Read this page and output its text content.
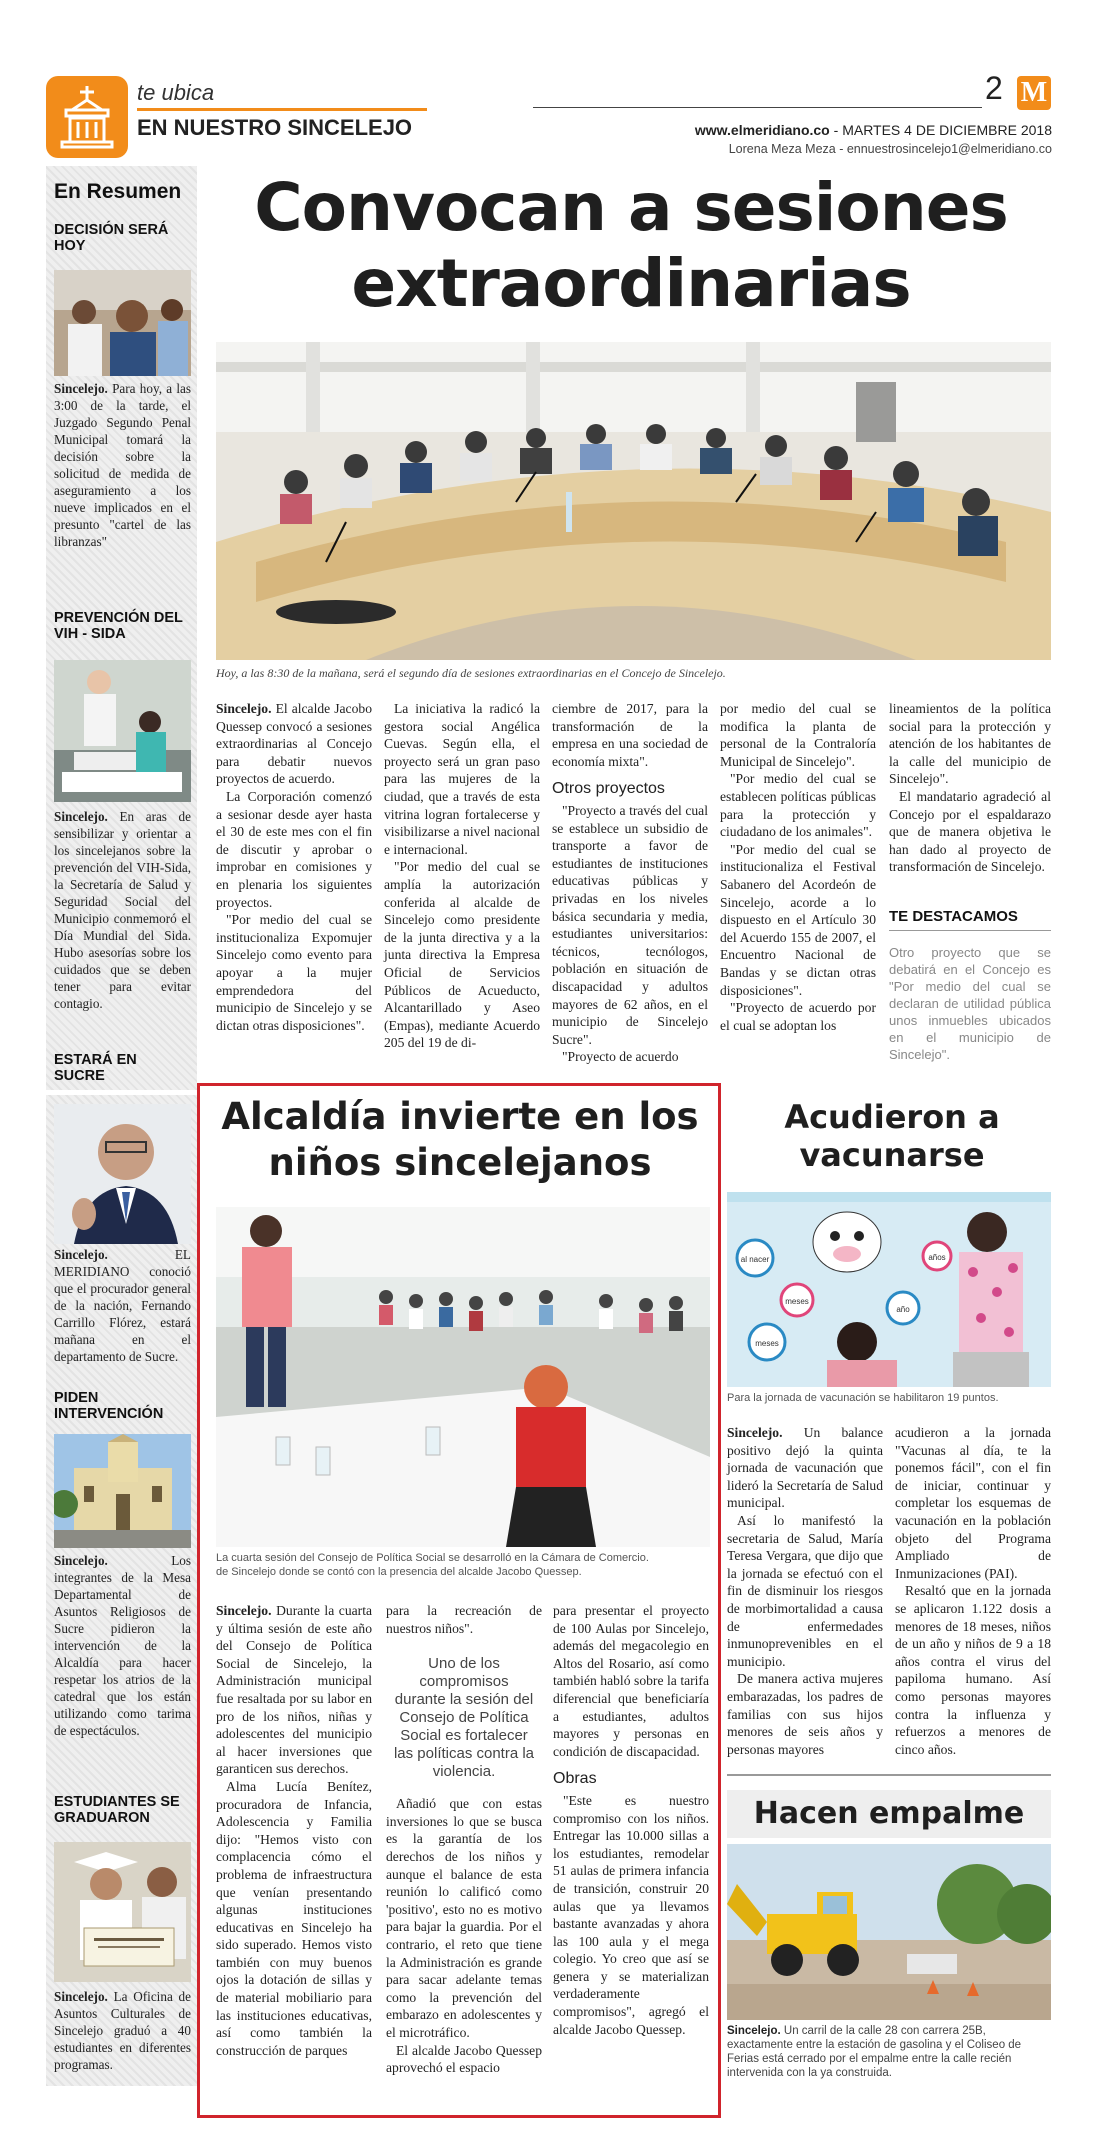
te ubica
EN NUESTRO SINCELEJO
2 M
www.elmeridiano.co - MARTES 4 DE DICIEMBRE 2018
Lorena Meza Meza - ennuestrosincelejo1@elmeridiano.co
En Resumen
DECISIÓN SERÁ HOY
Sincelejo. Para hoy, a las 3:00 de la tarde, el Juzgado Segundo Penal Municipal tomará la decisión sobre la solicitud de medida de aseguramiento a los nueve implicados en el presunto "cartel de las libranzas"
PREVENCIÓN DEL VIH - SIDA
Sincelejo. En aras de sensibilizar y orientar a los sincelejanos sobre la prevención del VIH-Sida, la Secretaría de Salud y Seguridad Social del Municipio conmemoró el Día Mundial del Sida. Hubo asesorías sobre los cuidados que se deben tener para evitar contagio.
ESTARÁ EN SUCRE
Sincelejo.	EL MERIDIANO conoció que el procurador general de la nación, Fernando Carrillo Flórez, estará mañana en el departamento de Sucre.
PIDEN INTERVENCIÓN
Sincelejo.	Los integrantes de la Mesa Departamental de Asuntos Religiosos de Sucre pidieron la intervención de la Alcaldía para hacer respetar los atrios de la catedral que los están utilizando como tarima de espectáculos.
ESTUDIANTES SE GRADUARON
Sincelejo. La Oficina de Asuntos Culturales de Sincelejo graduó a 40 estudiantes en diferentes programas.
Convocan a sesiones
extraordinarias
Hoy, a las 8:30 de la mañana, será el segundo día de sesiones extraordinarias en el Concejo de Sincelejo.

Sincelejo. El alcalde Jacobo Quessep convocó a sesiones extraordinarias al Concejo para debatir nuevos proyectos de acuerdo.

La Corporación comenzó a sesionar desde ayer hasta el 30 de este mes con el fin de discutir y aprobar o improbar en comisiones y en plenaria los siguientes proyectos.

"Por medio del cual se institucionaliza Expomujer Sincelejo como evento para apoyar a la mujer emprendedora del municipio de Sincelejo y se dictan otras disposiciones".

La iniciativa la radicó la gestora social Angélica Cuevas. Según ella, el proyecto será un gran paso para las mujeres de la ciudad, que a través de esta vitrina logran fortalecerse y visibilizarse a nivel nacional e internacional.

"Por medio del cual se amplía la autorización conferida al alcalde de Sincelejo como presidente de la junta directiva y a la junta directiva la Empresa Oficial de Servicios Públicos de Acueducto, Alcantarillado y Aseo (Empas), mediante Acuerdo 205 del 19 de di-

ciembre de 2017, para la transformación de la empresa en una sociedad de economía mixta".

Otros proyectos

"Proyecto a través del cual se establece un subsidio de transporte a favor de estudiantes de instituciones educativas públicas y privadas en los niveles básica secundaria y media, estudiantes universitarios: técnicos, tecnólogos, población en situación de discapacidad y adultos mayores de 62 años, en el municipio de Sincelejo Sucre".

"Proyecto de acuerdo

por medio del cual se modifica la planta de personal de la Contraloría Municipal de Sincelejo".

"Por medio del cual se establecen políticas públicas para la protección y ciudadano de los animales".

"Por medio del cual se institucionaliza el Festival Sabanero del Acordeón de Sincelejo, acorde a lo dispuesto en el Artículo 30 del Acuerdo 155 de 2007, el Encuentro Nacional de Bandas y se dictan otras disposiciones".

"Proyecto de acuerdo por el cual se adoptan los

lineamientos de la política social para la protección y atención de los habitantes de la calle del municipio de Sincelejo".

El mandatario agradeció al Concejo por el espaldarazo que de manera objetiva le han dado al proyecto de transformación de Sincelejo.

TE DESTACAMOS
Otro proyecto que se debatirá en el Concejo es "Por medio del cual se declaran de utilidad pública unos inmuebles ubicados en el municipio de Sincelejo".
Alcaldía invierte en los
niños sincelejanos
La cuarta sesión del Consejo de Política Social se desarrolló en la Cámara de Comercio.
de Sincelejo donde se contó con la presencia del alcalde Jacobo Quessep.

Sincelejo. Durante la cuarta y última sesión de este año del Consejo de Política Social de Sincelejo, la Administración municipal fue resaltada por su labor en pro de los niños, niñas y adolescentes del municipio al hacer inversiones que garanticen sus derechos.

Alma Lucía Benítez, procuradora de Infancia, Adolescencia y Familia dijo: "Hemos visto con complacencia cómo el problema de infraestructura que venían presentando algunas instituciones educativas en Sincelejo ha sido superado. Hemos visto también con muy buenos ojos la dotación de sillas y de material mobiliario para las instituciones educativas, así como también la construcción de parques

para la recreación de nuestros niños".

Uno de los compromisos durante la sesión del Consejo de Política Social es fortalecer las políticas contra la violencia.

Añadió que con estas inversiones lo que se busca es la garantía de los derechos de los niños y aunque el balance de esta reunión lo calificó como 'positivo', esto no es motivo para bajar la guardia. Por el contrario, el reto que tiene la Administración es grande para sacar adelante temas como la prevención del embarazo en adolescentes y el microtráfico.

El alcalde Jacobo Quessep aprovechó el espacio

para presentar el proyecto de 100 Aulas por Sincelejo, además del megacolegio en Altos del Rosario, así como también habló sobre la tarifa diferencial que beneficiaría a estudiantes, adultos mayores y personas en condición de discapacidad.

Obras

"Este es nuestro compromiso con los niños. Entregar las 10.000 sillas a los estudiantes, remodelar 51 aulas de primera infancia de transición, construir 20 aulas que ya llevamos bastante avanzadas y ahora las 100 aula y el mega colegio. Yo creo que así se genera y se materializan verdaderamente compromisos", agregó el alcalde Jacobo Quessep.

Acudieron a
vacunarse
al nacer
meses
meses
años
año
Para la jornada de vacunación se habilitaron 19 puntos.

Sincelejo. Un balance positivo dejó la quinta jornada de vacunación que lideró la Secretaría de Salud municipal.

Así lo manifestó la secretaria de Salud, María Teresa Vergara, que dijo que la jornada se efectuó con el fin de disminuir los riesgos de morbimortalidad a causa de enfermedades inmunoprevenibles en el municipio.

De manera activa mujeres embarazadas, los padres de familias con sus hijos menores de seis años y personas mayores

acudieron a la jornada "Vacunas al día, te la ponemos fácil", con el fin de iniciar, continuar y completar los esquemas de vacunación en la población objeto del Programa Ampliado de Inmunizaciones (PAI).

Resaltó que en la jornada se aplicaron 1.122 dosis a menores de 18 meses, niños de un año y niños de 9 a 18 años contra el virus del papiloma humano. Así como personas mayores contra la influenza y refuerzos a menores de cinco años.

Hacen empalme
Sincelejo. Un carril de la calle 28 con carrera 25B, exactamente entre la estación de gasolina y el Coliseo de Ferias está cerrado por el empalme entre la calle recién intervenida con la ya construida.
